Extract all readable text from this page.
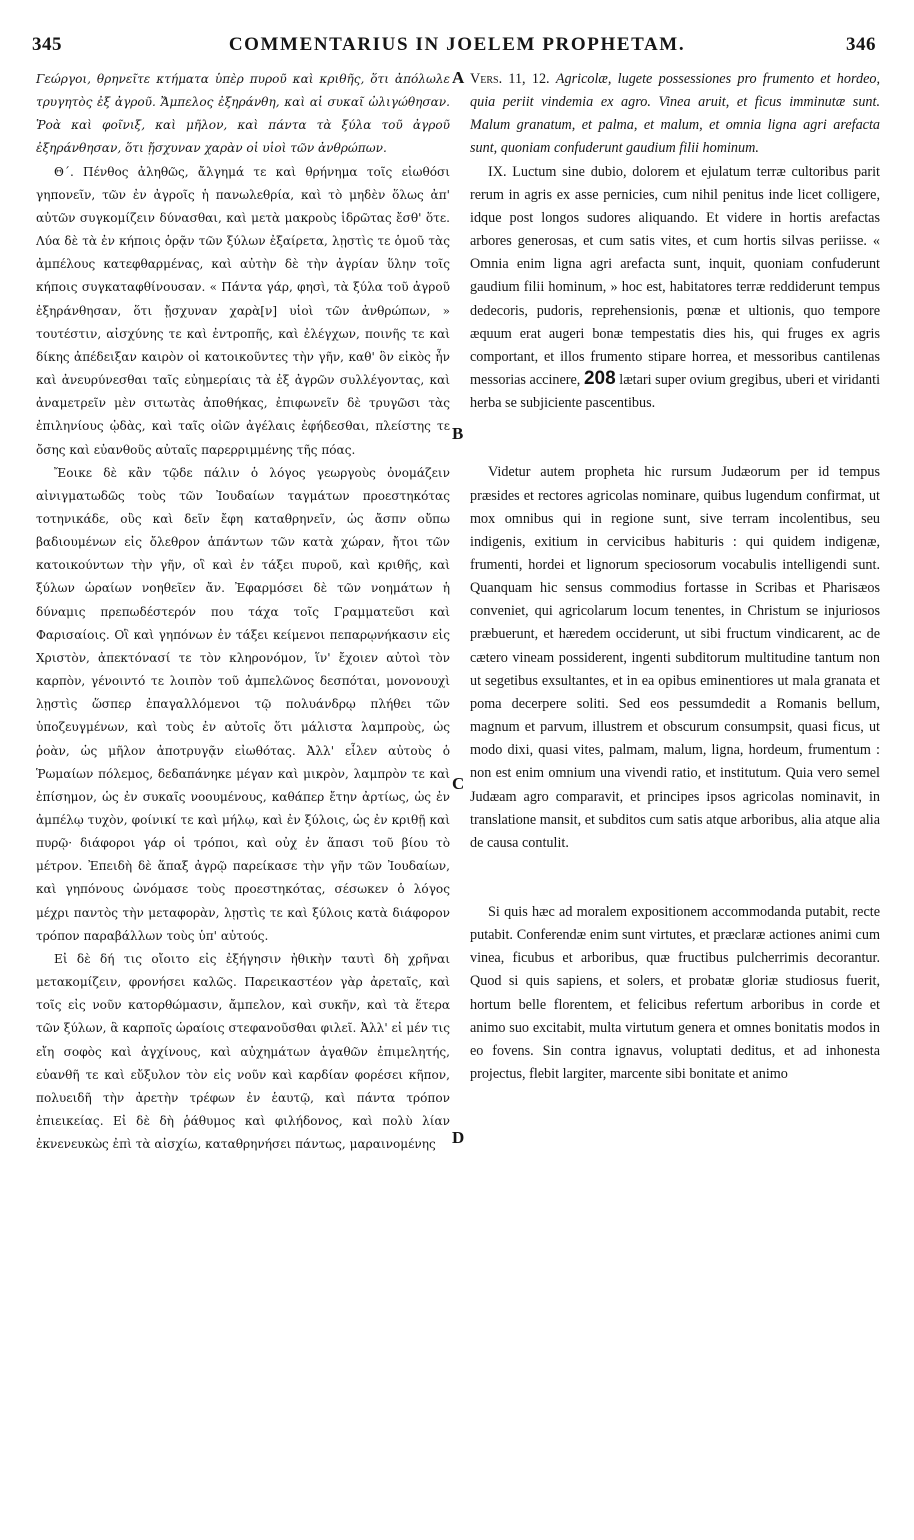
345	COMMENTARIUS IN JOELEM PROPHETAM.	346

Γεώργοι, θρηνεῖτε κτήματα ὑπὲρ πυροῦ καὶ κριθῆς, ὅτι ἀπόλωλε τρυγητὸς ἐξ ἀγροῦ. Ἄμπελος ἐξηράνθη, καὶ αἱ συκαῖ ὠλιγώθησαν. Ῥοὰ καὶ φοῖνιξ, καὶ μῆλον, καὶ πάντα τὰ ξύλα τοῦ ἀγροῦ ἐξηράνθησαν, ὅτι ᾔσχυναν χαρὰν οἱ υἱοὶ τῶν ἀνθρώπων.

Θ΄. Πένθος ἀληθῶς, ἄλγημά τε καὶ θρήνημα τοῖς εἰωθόσι γηπονεῖν, τῶν ἐν ἀγροῖς ἡ πανωλεθρία, καὶ τὸ μηδὲν ὅλως ἀπ' αὐτῶν συγκομίζειν δύνασθαι, καὶ μετὰ μακροὺς ἱδρῶτας ἔσθ' ὅτε. Λύα δὲ τὰ ἐν κήποις ὁρᾷν τῶν ξύλων ἐξαίρετα, λῃστὶς τε ὁμοῦ τὰς ἀμπέλους κατεφθαρμένας, καὶ αὐτὴν δὲ τὴν ἀγρίαν ὕλην τοῖς κήποις συγκαταφθίνουσαν. « Πάντα γάρ, φησὶ, τὰ ξύλα τοῦ ἀγροῦ ἐξηράνθησαν, ὅτι ᾔσχυναν χαρὰ[ν] υἱοὶ τῶν ἀνθρώπων, » τουτέστιν, αἰσχύνης τε καὶ ἐντροπῆς, καὶ ἐλέγχων, ποινῆς τε καὶ δίκης ἀπέδειξαν καιρὸν οἱ κατοικοῦντες τὴν γῆν, καθ' ὃν εἰκὸς ἦν καὶ ἀνευρύνεσθαι ταῖς εὐημερίαις τὰ ἐξ ἀγρῶν συλλέγοντας, καὶ ἀναμετρεῖν μὲν σιτωτὰς ἀποθήκας, ἐπιφωνεῖν δὲ τρυγῶσι τὰς ἐπιληνίους ᾠδὰς, καὶ ταῖς οἰῶν ἀγέλαις ἐφήδεσθαι, πλείστης τε ὄσης καὶ εὐανθοῦς αὐταῖς παρερριμμένης τῆς πόας.

Ἔοικε δὲ κἂν τῷδε πάλιν ὁ λόγος γεωργοὺς ὀνομάζειν αἰνιγματωδῶς τοὺς τῶν Ἰουδαίων ταγμάτων προεστηκότας τοτηνικάδε, οὓς καὶ δεῖν ἔφη καταθρηνεῖν, ὡς ἄσπν οὔπω βαδιουμένων εἰς ὄλεθρον ἁπάντων τῶν κατὰ χώραν, ἤτοι τῶν κατοικούντων τὴν γῆν, οἳ καὶ ἐν τάξει πυροῦ, καὶ κριθῆς, καὶ ξύλων ὡραίων νοηθεῖεν ἄν. Ἐφαρμόσει δὲ τῶν νοημάτων ἡ δύναμις πρεπωδέστερόν που τάχα τοῖς Γραμματεῦσι καὶ Φαρισαίοις. Οἳ καὶ γηπόνων ἐν τάξει κείμενοι πεπαρῳνήκασιν εἰς Χριστὸν, ἀπεκτόνασί τε τὸν κληρονόμον, ἵν' ἔχοιεν αὐτοὶ τὸν καρπὸν, γένοιντό τε λοιπὸν τοῦ ἀμπελῶνος δεσπόται, μονονουχὶ λῃστὶς ὥσπερ ἐπαγαλλόμενοι τῷ πολυάνδρῳ πλήθει τῶν ὑποζευγμένων, καὶ τοὺς ἐν αὐτοῖς ὅτι μάλιστα λαμπροὺς, ὡς ῥοὰν, ὡς μῆλον ἀποτρυγᾷν εἰωθότας. Ἀλλ' εἷλεν αὐτοὺς ὁ Ῥωμαίων πόλεμος, δεδαπάνηκε μέγαν καὶ μικρὸν, λαμπρὸν τε καὶ ἐπίσημον, ὡς ἐν συκαῖς νοουμένους, καθάπερ ἔτην ἀρτίως, ὡς ἐν ἀμπέλῳ τυχὸν, φοίνικί τε καὶ μήλῳ, καὶ ἐν ξύλοις, ὡς ἐν κριθῇ καὶ πυρῷ· διάφοροι γάρ οἱ τρόποι, καὶ οὐχ ἐν ἅπασι τοῦ βίου τὸ μέτρον. Ἐπειδὴ δὲ ἅπαξ ἀγρῷ παρείκασε τὴν γῆν τῶν Ἰουδαίων, καὶ γηπόνους ὠνόμασε τοὺς προεστηκότας, σέσωκεν ὁ λόγος μέχρι παντὸς τὴν μεταφορὰν, λῃστὶς τε καὶ ξύλοις κατὰ διάφορον τρόπον παραβάλλων τοὺς ὑπ' αὐτούς.

Εἰ δὲ δή τις οἴοιτο εἰς ἐξήγησιν ἠθικὴν ταυτὶ δὴ χρῆναι μετακομίζειν, φρονήσει καλῶς. Παρεικαστέον γὰρ ἀρεταῖς, καὶ τοῖς εἰς νοῦν κατορθώμασιν, ἄμπελον, καὶ συκῆν, καὶ τὰ ἕτερα τῶν ξύλων, ἃ καρποῖς ὡραίοις στεφανοῦσθαι φιλεῖ. Ἀλλ' εἰ μέν τις εἴη σοφὸς καὶ ἀγχίνους, καὶ αὐχημάτων ἀγαθῶν ἐπιμελητής, εὐανθῆ τε καὶ εὔξυλον τὸν εἰς νοῦν καὶ καρδίαν φορέσει κῆπον, πολυειδῆ τὴν ἀρετὴν τρέφων ἐν ἑαυτῷ, καὶ πάντα τρόπον ἐπιεικείας. Εἰ δὲ δὴ ῥάθυμος καὶ φιλήδονος, καὶ πολὺ λίαν ἐκνενευκὼς ἐπὶ τὰ αἰσχίω, καταθρηνήσει πάντως, μαραινομένης

A
B
C
D

Vers. 11, 12. Agricolæ, lugete possessiones pro frumento et hordeo, quia periit vindemia ex agro. Vinea aruit, et ficus imminutæ sunt. Malum granatum, et palma, et malum, et omnia ligna agri arefacta sunt, quoniam confuderunt gaudium filii hominum.

IX. Luctum sine dubio, dolorem et ejulatum terræ cultoribus parit rerum in agris ex asse pernicies, cum nihil penitus inde licet colligere, idque post longos sudores aliquando. Et videre in hortis arefactas arbores generosas, et cum satis vites, et cum hortis silvas periisse. « Omnia enim ligna agri arefacta sunt, inquit, quoniam confuderunt gaudium filii hominum, » hoc est, habitatores terræ reddiderunt tempus dedecoris, pudoris, reprehensionis, pœnæ et ultionis, quo tempore æquum erat augeri bonæ tempestatis dies his, qui fruges ex agris comportant, et illos frumento stipare horrea, et messoribus cantilenas messorias accinere, 208 lætari super ovium gregibus, uberi et viridanti herba se subjiciente pascentibus.

Videtur autem propheta hic rursum Judæorum per id tempus præsides et rectores agricolas nominare, quibus lugendum confirmat, ut mox omnibus qui in regione sunt, sive terram incolentibus, seu indigenis, exitium in cervicibus habituris : qui quidem indigenæ, frumenti, hordei et lignorum speciosorum vocabulis intelligendi sunt. Quanquam hic sensus commodius fortasse in Scribas et Pharisæos conveniet, qui agricolarum locum tenentes, in Christum se injuriosos præbuerunt, et hæredem occiderunt, ut sibi fructum vindicarent, ac de cætero vineam possiderent, ingenti subditorum multitudine tantum non ut segetibus exsultantes, et in ea opibus eminentiores ut mala granata et poma decerpere soliti. Sed eos pessumdedit a Romanis bellum, magnum et parvum, illustrem et obscurum consumpsit, quasi ficus, ut modo dixi, quasi vites, palmam, malum, ligna, hordeum, frumentum : non est enim omnium una vivendi ratio, et institutum. Quia vero semel Judæam agro comparavit, et principes ipsos agricolas nominavit, in translatione mansit, et subditos cum satis atque arboribus, alia atque alia de causa contulit.

Si quis hæc ad moralem expositionem accommodanda putabit, recte putabit. Conferendæ enim sunt virtutes, et præclaræ actiones animi cum vinea, ficubus et arboribus, quæ fructibus pulcherrimis decorantur. Quod si quis sapiens, et solers, et probatæ gloriæ studiosus fuerit, hortum belle florentem, et felicibus refertum arboribus in corde et animo suo excitabit, multa virtutum genera et omnes bonitatis modos in eo fovens. Sin contra ignavus, voluptati deditus, et ad inhonesta projectus, flebit largiter, marcente sibi bonitate et animo
